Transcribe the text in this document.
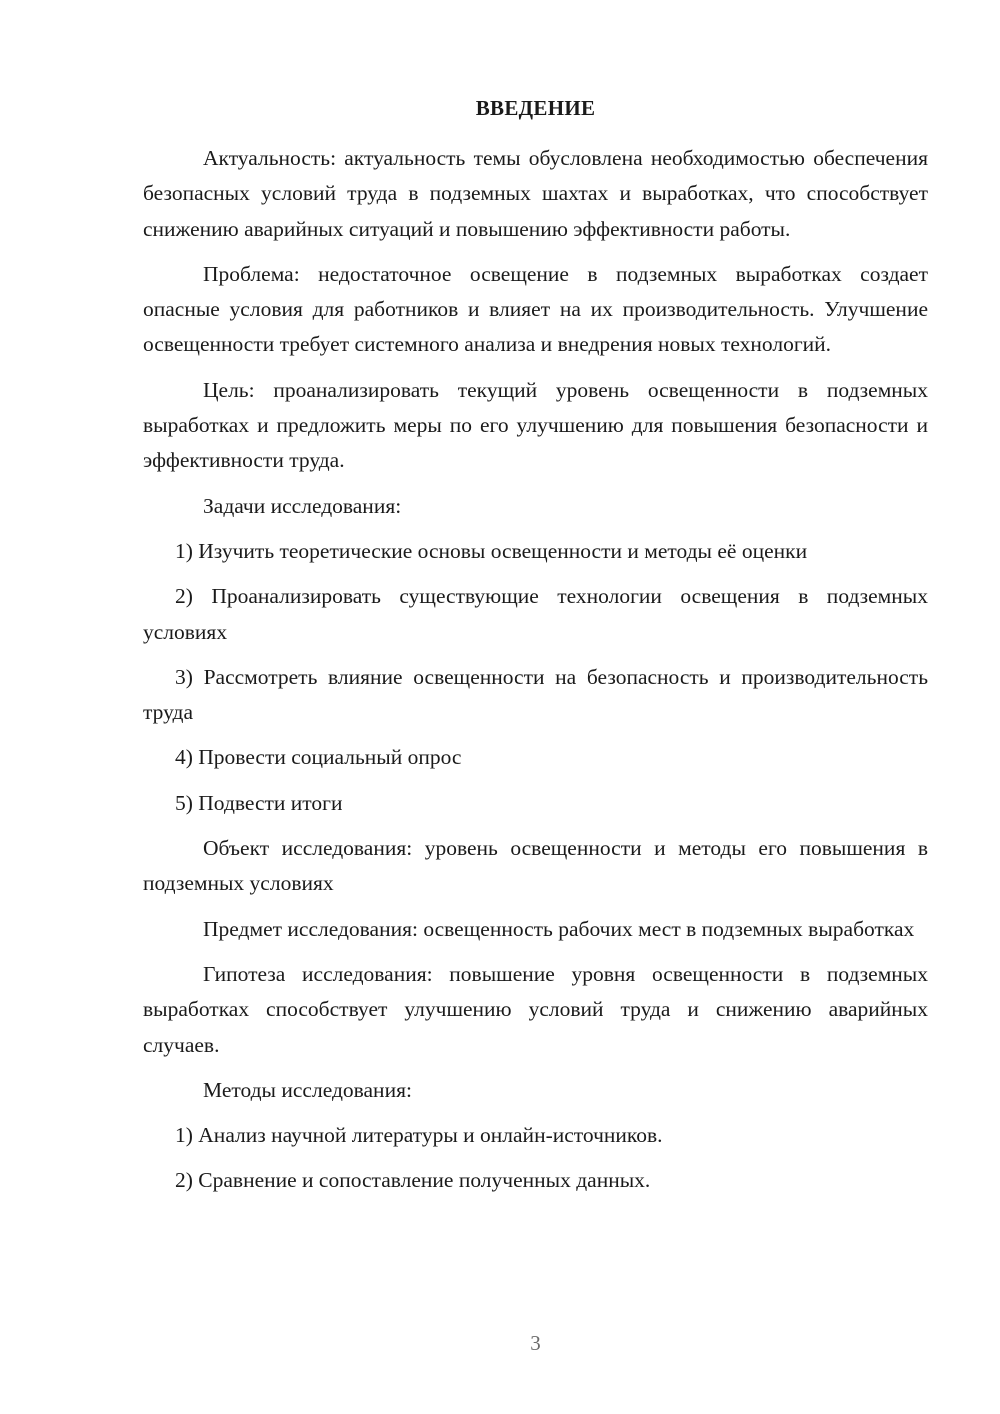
ВВЕДЕНИЕ

Актуальность: актуальность темы обусловлена необходимостью обеспечения безопасных условий труда в подземных шахтах и выработках, что способствует снижению аварийных ситуаций и повышению эффективности работы.

Проблема: недостаточное освещение в подземных выработках создает опасные условия для работников и влияет на их производительность. Улучшение освещенности требует системного анализа и внедрения новых технологий.

Цель: проанализировать текущий уровень освещенности в подземных выработках и предложить меры по его улучшению для повышения безопасности и эффективности труда.

Задачи исследования:

1) Изучить теоретические основы освещенности и методы её оценки

2) Проанализировать существующие технологии освещения в подземных условиях

3) Рассмотреть влияние освещенности на безопасность и производительность труда

4) Провести социальный опрос

5) Подвести итоги

Объект исследования: уровень освещенности и методы его повышения в подземных условиях

Предмет исследования: освещенность рабочих мест в подземных выработках

Гипотеза исследования: повышение уровня освещенности в подземных выработках способствует улучшению условий труда и снижению аварийных случаев.

Методы исследования:

1) Анализ научной литературы и онлайн-источников.

2) Сравнение и сопоставление полученных данных.

3
